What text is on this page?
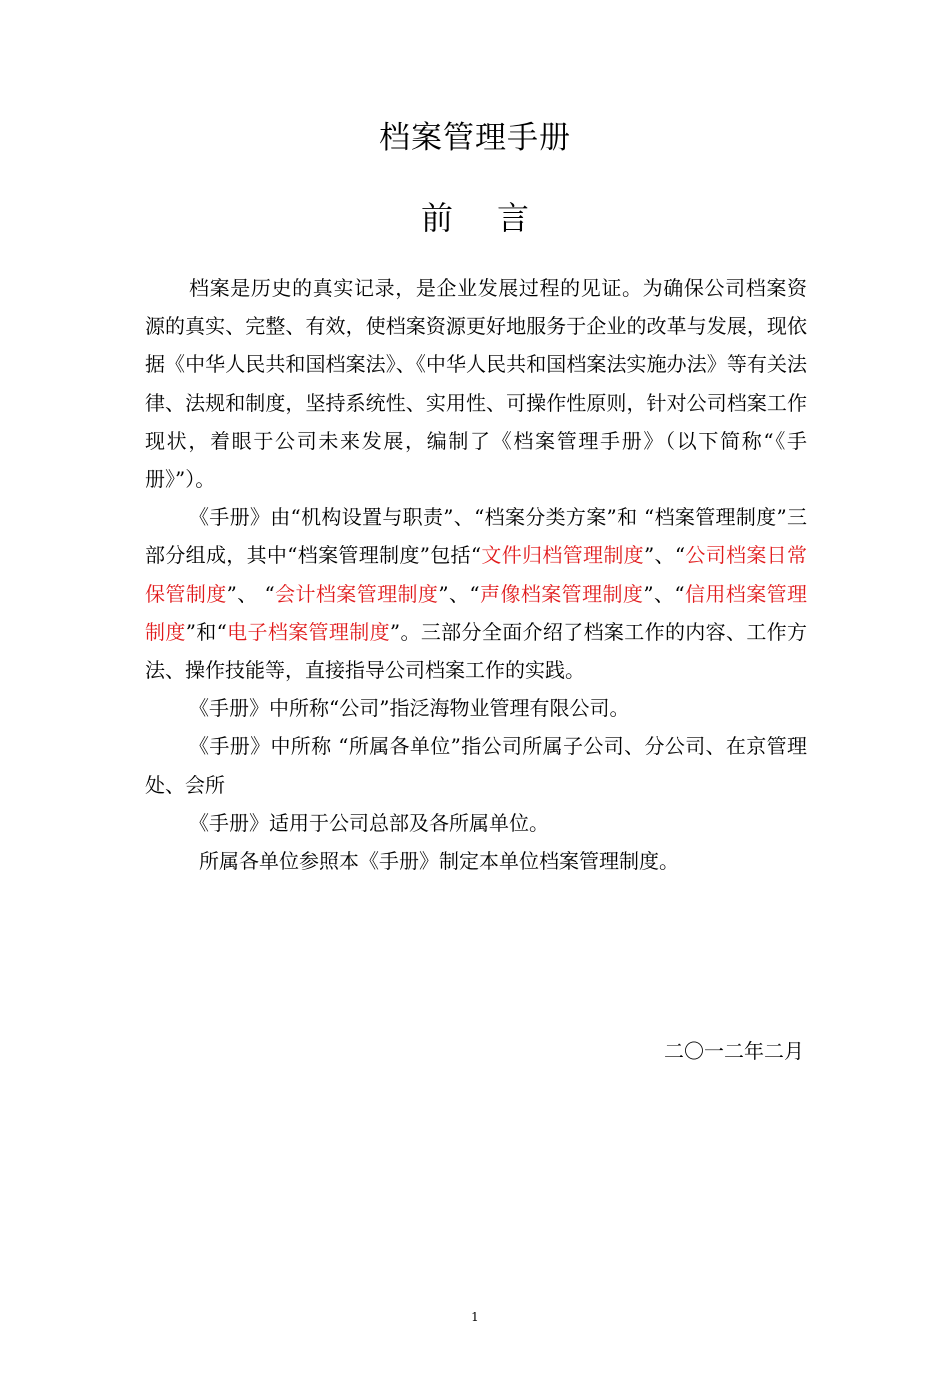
档案管理手册
前 言

档案是历史的真实记录，是企业发展过程的见证。为确保公司档案资源的真实、完整、有效，使档案资源更好地服务于企业的改革与发展，现依据《中华人民共和国档案法》、《中华人民共和国档案法实施办法》等有关法律、法规和制度，坚持系统性、实用性、可操作性原则，针对公司档案工作现状，着眼于公司未来发展，编制了《档案管理手册》（以下简称“《手册》”）。

《手册》由“机构设置与职责”、“档案分类方案”和 “档案管理制度”三部分组成，其中“档案管理制度”包括“文件归档管理制度”、“公司档案日常保管制度”、 “会计档案管理制度”、“声像档案管理制度”、“信用档案管理制度”和“电子档案管理制度”。三部分全面介绍了档案工作的内容、工作方法、操作技能等，直接指导公司档案工作的实践。

《手册》中所称“公司”指泛海物业管理有限公司。

《手册》中所称 “所属各单位”指公司所属子公司、分公司、在京管理处、会所

《手册》适用于公司总部及各所属单位。

所属各单位参照本《手册》制定本单位档案管理制度。

二〇一二年二月
1
